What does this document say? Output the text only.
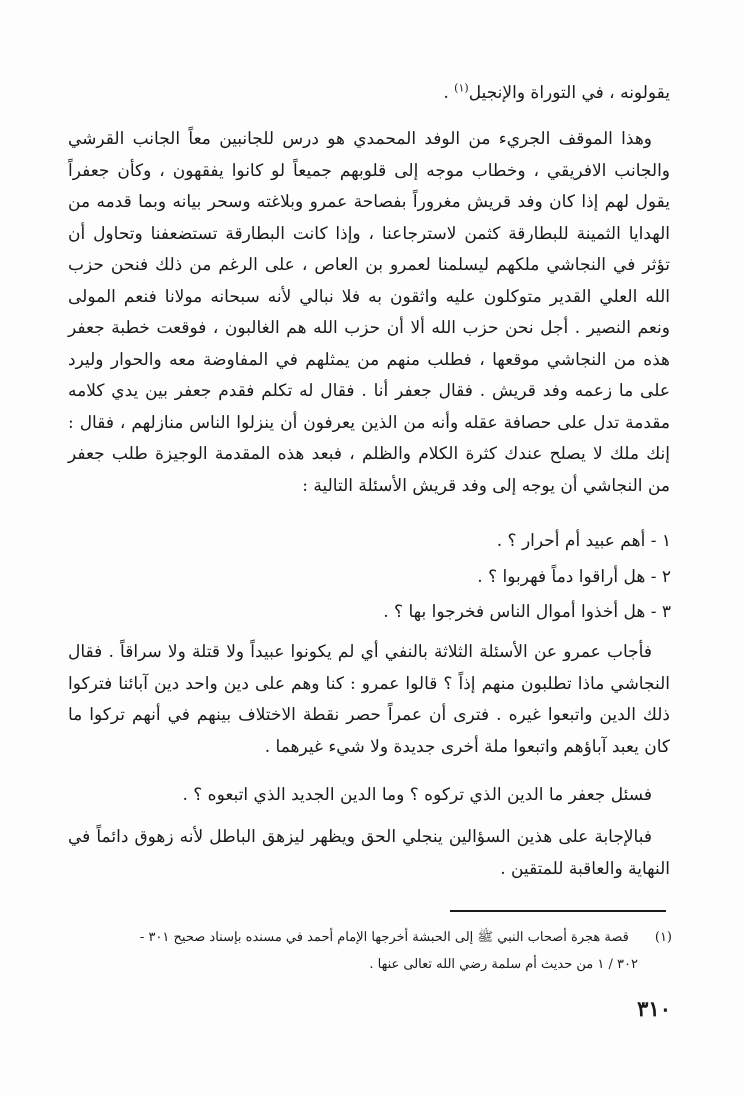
يقولونه ، في التوراة والإنجيل$^{(١)}$ .
وهذا الموقف الجريء من الوفد المحمدي هو درس للجانبين معاً الجانب القرشي والجانب الافريقي ، وخطاب موجه إلى قلوبهم جميعاً لو كانوا يفقهون ، وكأن جعفراً يقول لهم إذا كان وفد قريش مغروراً بفصاحة عمرو وبلاغته وسحر بيانه وبما قدمه من الهدايا الثمينة للبطارقة كثمن لاسترجاعنا ، وإذا كانت البطارقة تستضعفنا وتحاول أن تؤثر في النجاشي ملكهم ليسلمنا لعمرو بن العاص ، على الرغم من ذلك فنحن حزب الله العلي القدير متوكلون عليه واثقون به فلا نبالي لأنه سبحانه مولانا فنعم المولى ونعم النصير . أجل نحن حزب الله ألا أن حزب الله هم الغالبون ، فوقعت خطبة جعفر هذه من النجاشي موقعها ، فطلب منهم من يمثلهم في المفاوضة معه والحوار وليرد على ما زعمه وفد قريش . فقال جعفر أنا . فقال له تكلم فقدم جعفر بين يدي كلامه مقدمة تدل على حصافة عقله وأنه من الذين يعرفون أن ينزلوا الناس منازلهم ، فقال : إنك ملك لا يصلح عندك كثرة الكلام والظلم ، فبعد هذه المقدمة الوجيزة طلب جعفر من النجاشي أن يوجه إلى وفد قريش الأسئلة التالية :
١ - أهم عبيد أم أحرار ؟ .
٢ - هل أراقوا دماً فهربوا ؟ .
٣ - هل أخذوا أموال الناس فخرجوا بها ؟ .
فأجاب عمرو عن الأسئلة الثلاثة بالنفي أي لم يكونوا عبيداً ولا قتلة ولا سراقاً . فقال النجاشي ماذا تطلبون منهم إذاً ؟ قالوا عمرو : كنا وهم على دين واحد دين آبائنا فتركوا ذلك الدين واتبعوا غيره . فترى أن عمراً حصر نقطة الاختلاف بينهم في أنهم تركوا ما كان يعبد آباؤهم واتبعوا ملة أخرى جديدة ولا شيء غيرهما .
فسئل جعفر ما الدين الذي تركوه ؟ وما الدين الجديد الذي اتبعوه ؟ .
فبالإجابة على هذين السؤالين ينجلي الحق ويظهر ليزهق الباطل لأنه زهوق دائماً في النهاية والعاقبة للمتقين .
(١)قصة هجرة أصحاب النبي ﷺ إلى الحبشة أخرجها الإمام أحمد في مسنده بإسناد صحيح ٣٠١ -
٣٠٢ / ١ من حديث أم سلمة رضي الله تعالى عنها .
٣١٠
